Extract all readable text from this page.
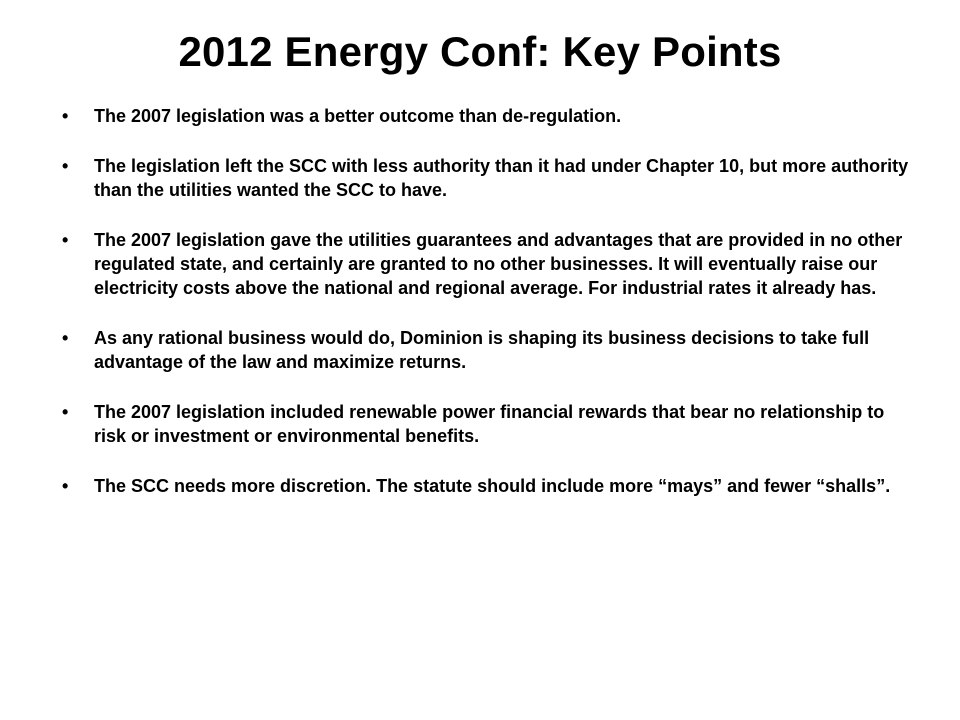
2012 Energy Conf: Key Points
• The 2007 legislation was a better outcome than de-regulation.
• The legislation left the SCC with less authority than it had under Chapter 10, but more authority than the utilities wanted the SCC to have.
• The 2007 legislation gave the utilities guarantees and advantages that are provided in no other regulated state, and certainly are granted to no other businesses. It will eventually raise our electricity costs above the national and regional average. For industrial rates it already has.
• As any rational business would do, Dominion is shaping its business decisions to take full advantage of the law and maximize returns.
• The 2007 legislation included renewable power financial rewards that bear no relationship to risk or investment or environmental benefits.
• The SCC needs more discretion. The statute should include more “mays” and fewer “shalls”.
